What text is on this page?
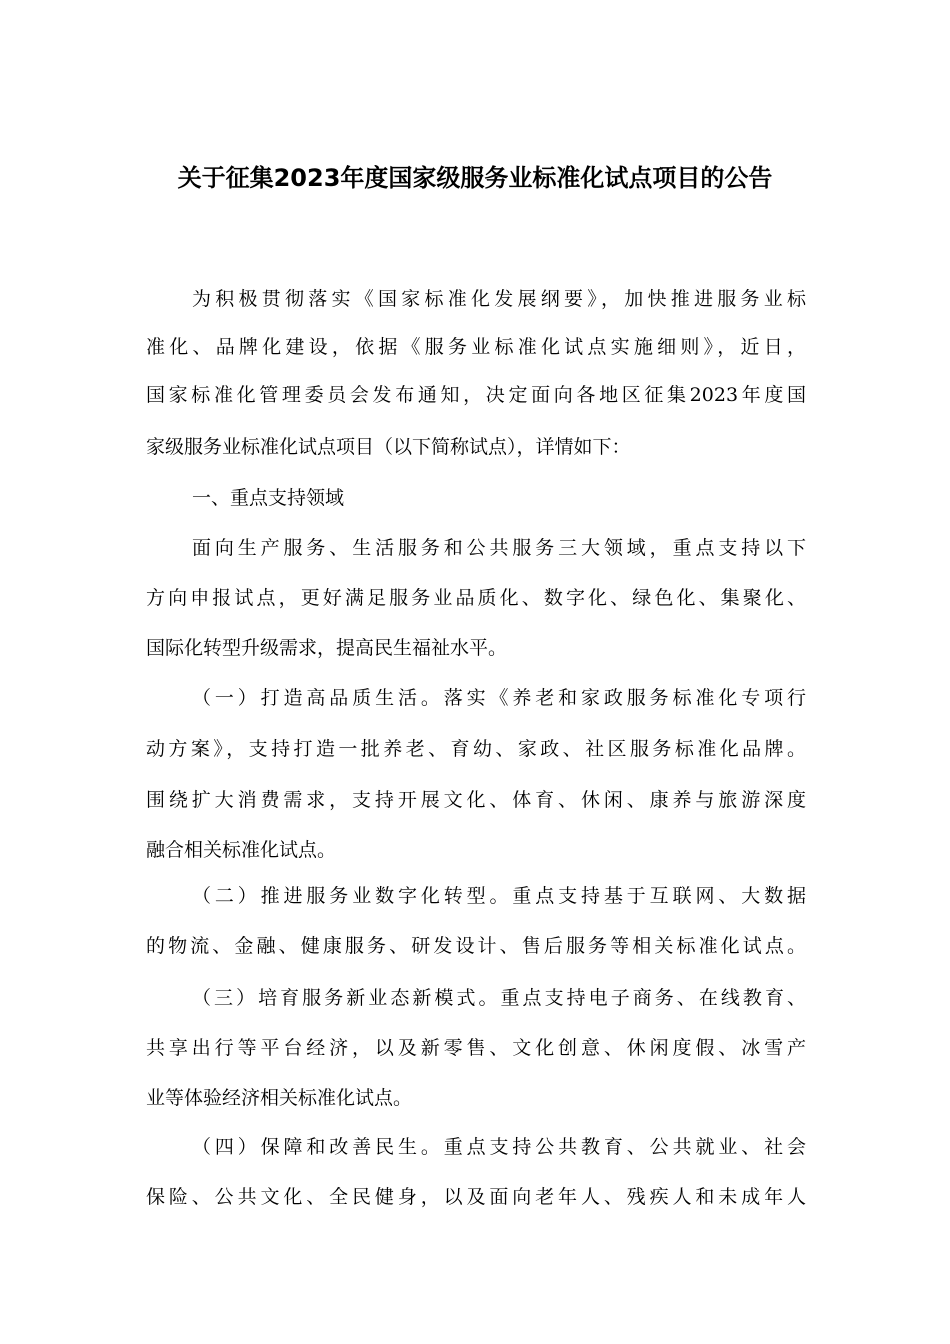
关于征集2023年度国家级服务业标准化试点项目的公告
为积极贯彻落实《国家标准化发展纲要》，加快推进服务业标
准化、品牌化建设，依据《服务业标准化试点实施细则》，近日，
国家标准化管理委员会发布通知，决定面向各地区征集2023年度国
家级服务业标准化试点项目（以下简称试点），详情如下：
一、重点支持领域
面向生产服务、生活服务和公共服务三大领域，重点支持以下
方向申报试点，更好满足服务业品质化、数字化、绿色化、集聚化、
国际化转型升级需求，提高民生福祉水平。
（一）打造高品质生活。落实《养老和家政服务标准化专项行
动方案》，支持打造一批养老、育幼、家政、社区服务标准化品牌。
围绕扩大消费需求，支持开展文化、体育、休闲、康养与旅游深度
融合相关标准化试点。
（二）推进服务业数字化转型。重点支持基于互联网、大数据
的物流、金融、健康服务、研发设计、售后服务等相关标准化试点。
（三）培育服务新业态新模式。重点支持电子商务、在线教育、
共享出行等平台经济，以及新零售、文化创意、休闲度假、冰雪产
业等体验经济相关标准化试点。
（四）保障和改善民生。重点支持公共教育、公共就业、社会
保险、公共文化、全民健身，以及面向老年人、残疾人和未成年人
